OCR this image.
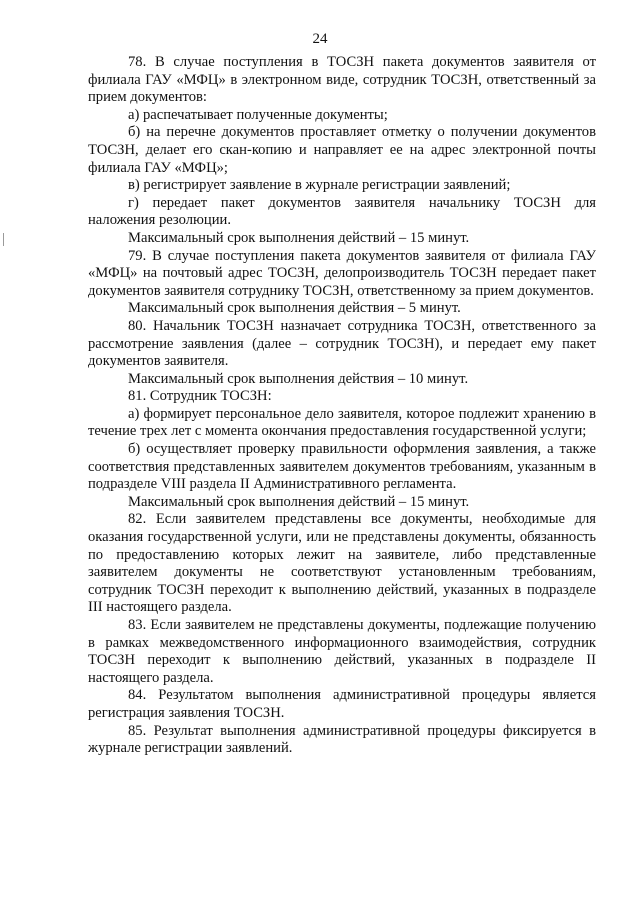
24

78. В случае поступления в ТОСЗН пакета документов заявителя от филиала ГАУ «МФЦ» в электронном виде, сотрудник ТОСЗН, ответственный за прием документов:

а) распечатывает полученные документы;

б) на перечне документов проставляет отметку о получении документов ТОСЗН, делает его скан-копию и направляет ее на адрес электронной почты филиала ГАУ «МФЦ»;

в) регистрирует заявление в журнале регистрации заявлений;

г) передает пакет документов заявителя начальнику ТОСЗН для наложения резолюции.

Максимальный срок выполнения действий – 15 минут.

79. В случае поступления пакета документов заявителя от филиала ГАУ «МФЦ» на почтовый адрес ТОСЗН, делопроизводитель ТОСЗН передает пакет документов заявителя сотруднику ТОСЗН, ответственному за прием документов.

Максимальный срок выполнения действия – 5 минут.

80. Начальник ТОСЗН назначает сотрудника ТОСЗН, ответственного за рассмотрение заявления (далее – сотрудник ТОСЗН), и передает ему пакет документов заявителя.

Максимальный срок выполнения действия – 10 минут.

81. Сотрудник ТОСЗН:

а) формирует персональное дело заявителя, которое подлежит хранению в течение трех лет с момента окончания предоставления государственной услуги;

б) осуществляет проверку правильности оформления заявления, а также соответствия представленных заявителем документов требованиям, указанным в подразделе VIII раздела II Административного регламента.

Максимальный срок выполнения действий – 15 минут.

82. Если заявителем представлены все документы, необходимые для оказания государственной услуги, или не представлены документы, обязанность по предоставлению которых лежит на заявителе, либо представленные заявителем документы не соответствуют установленным требованиям, сотрудник ТОСЗН переходит к выполнению действий, указанных в подразделе III настоящего раздела.

83. Если заявителем не представлены документы, подлежащие получению в рамках межведомственного информационного взаимодействия, сотрудник ТОСЗН переходит к выполнению действий, указанных в подразделе II настоящего раздела.

84. Результатом выполнения административной процедуры является регистрация заявления ТОСЗН.

85. Результат выполнения административной процедуры фиксируется в журнале регистрации заявлений.
